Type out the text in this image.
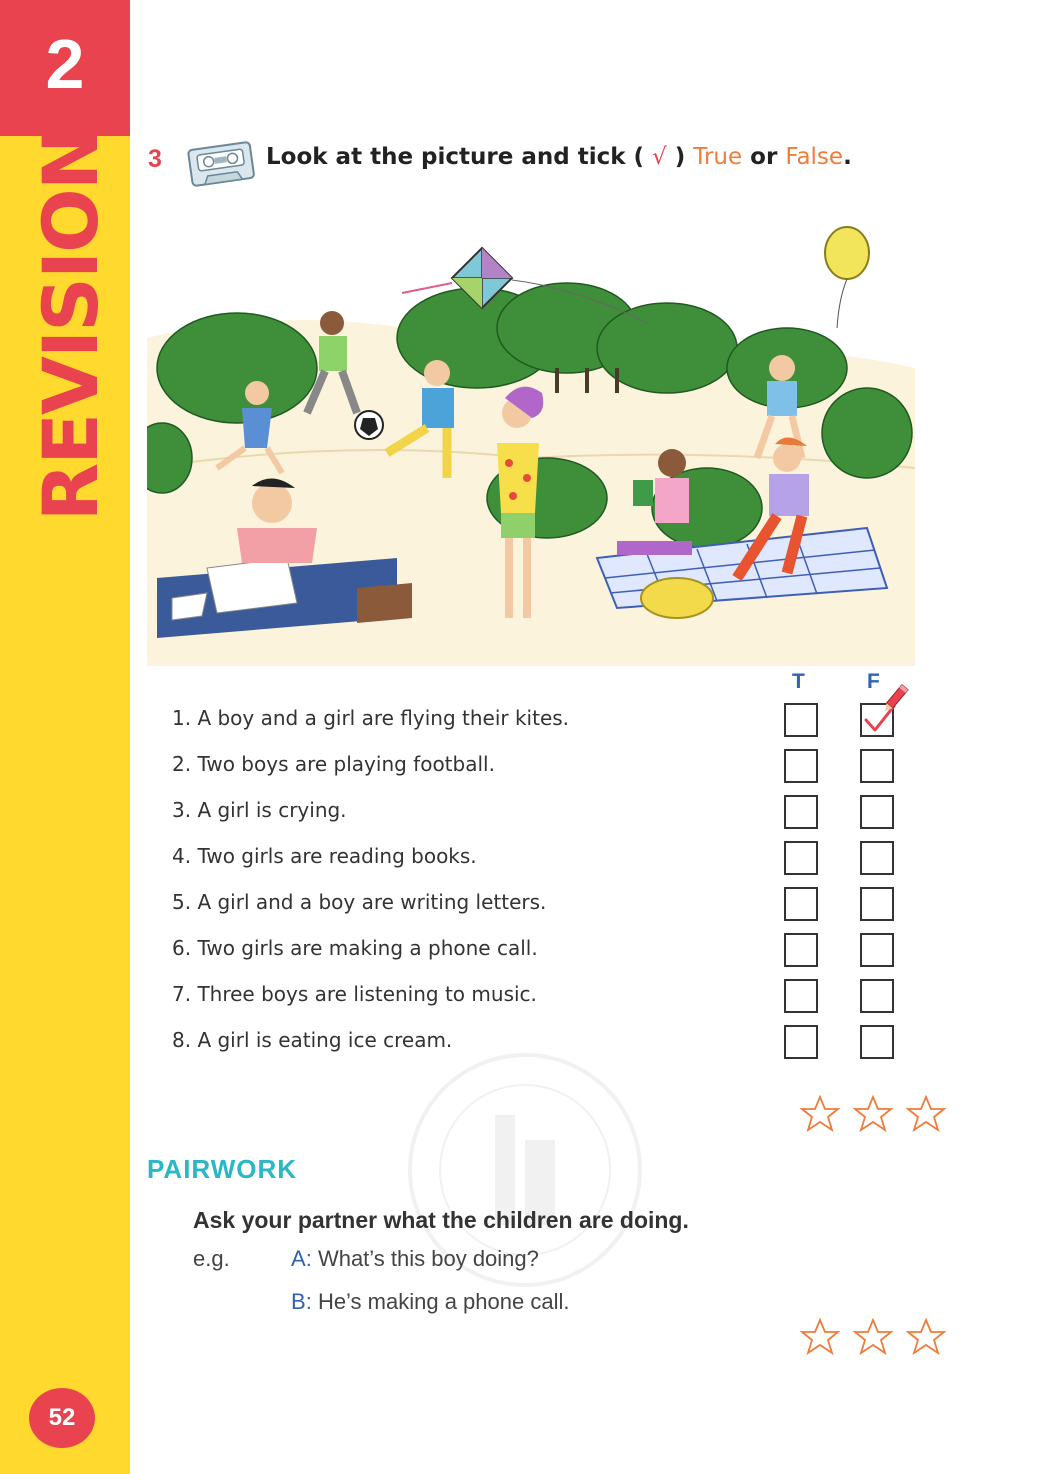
2
REVISION
52
3	Look at the picture and tick ( √ ) True or False.
T	F
1. A boy and a girl are flying their kites.
2. Two boys are playing football.
3. A girl is crying.
4. Two girls are reading books.
5. A girl and a boy are writing letters.
6. Two girls are making a phone call.
7. Three boys are listening to music.
8. A girl is eating ice cream.
PAIRWORK
Ask your partner what the children are doing.
e.g.	A: What’s this boy doing?
B: He’s making a phone call.
